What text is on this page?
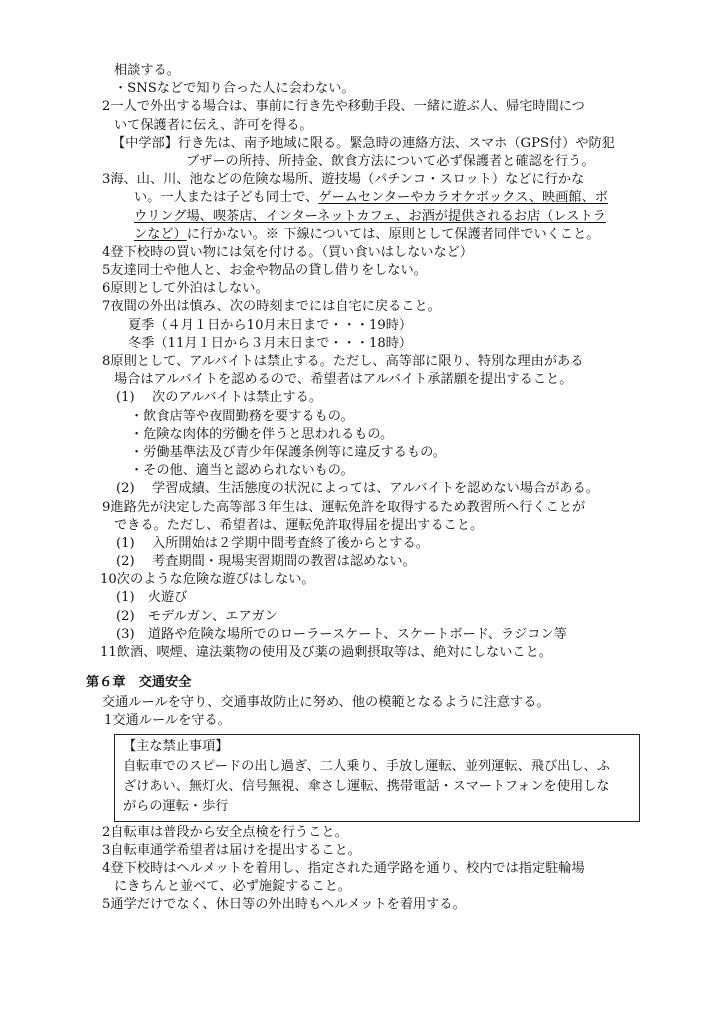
相談する。
・SNSなどで知り合った人に会わない。
2一人で外出する場合は、事前に行き先や移動手段、一緒に遊ぶ人、帰宅時間につ
いて保護者に伝え、許可を得る。
【中学部】行き先は、南予地域に限る。緊急時の連絡方法、スマホ（GPS付）や防犯
ブザーの所持、所持金、飲食方法について必ず保護者と確認を行う。
3海、山、川、池などの危険な場所、遊技場（パチンコ・スロット）などに行かな
い。一人または子ども同士で、ゲームセンターやカラオケボックス、映画館、ボ
ウリング場、喫茶店、インターネットカフェ、お酒が提供されるお店（レストラ
ンなど）に行かない。※ 下線については、原則として保護者同伴でいくこと。
4登下校時の買い物には気を付ける。（買い食いはしないなど）
5友達同士や他人と、お金や物品の貸し借りをしない。
6原則として外泊はしない。
7夜間の外出は慎み、次の時刻までには自宅に戻ること。
夏季（４月１日から10月末日まで・・・19時）
冬季（11月１日から３月末日まで・・・18時）
8原則として、アルバイトは禁止する。ただし、高等部に限り、特別な理由がある
場合はアルバイトを認めるので、希望者はアルバイト承諾願を提出すること。
(1)　 次のアルバイトは禁止する。
・飲食店等や夜間勤務を要するもの。
・危険な肉体的労働を伴うと思われるもの。
・労働基準法及び青少年保護条例等に違反するもの。
・その他、適当と認められないもの。
(2)　 学習成績、生活態度の状況によっては、アルバイトを認めない場合がある。
9進路先が決定した高等部３年生は、運転免許を取得するため教習所へ行くことが
できる。ただし、希望者は、運転免許取得届を提出すること。
(1)　 入所開始は２学期中間考査終了後からとする。
(2)　 考査期間・現場実習期間の教習は認めない。
10次のような危険な遊びはしない。
(1)　火遊び
(2)　モデルガン、エアガン
(3)　道路や危険な場所でのローラースケート、スケートボード、ラジコン等
11飲酒、喫煙、違法薬物の使用及び薬の過剰摂取等は、絶対にしないこと。
第６章　交通安全
交通ルールを守り、交通事故防止に努め、他の模範となるように注意する。
1交通ルールを守る。
【主な禁止事項】
自転車でのスピードの出し過ぎ、二人乗り、手放し運転、並列運転、飛び出し、ふ
ざけあい、無灯火、信号無視、傘さし運転、携帯電話・スマートフォンを使用しな
がらの運転・歩行
2自転車は普段から安全点検を行うこと。
3自転車通学希望者は届けを提出すること。
4登下校時はヘルメットを着用し、指定された通学路を通り、校内では指定駐輪場
にきちんと並べて、必ず施錠すること。
5通学だけでなく、休日等の外出時もヘルメットを着用する。
